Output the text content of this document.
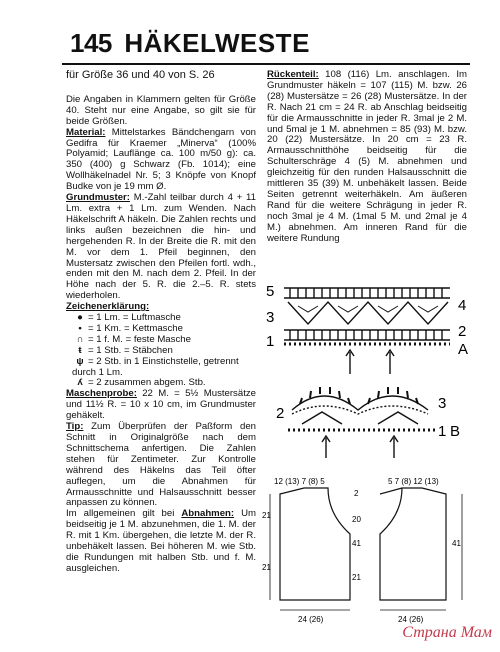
145 HÄKELWESTE
für Größe 36 und 40 von S. 26

Die Angaben in Klammern gelten für Größe 40. Steht nur eine Angabe, so gilt sie für beide Größen.

Material: Mittelstarkes Bändchengarn von Gedifra für Kraemer „Minerva“ (100% Polyamid; Lauflänge ca. 100 m/50 g): ca. 350 (400) g Schwarz (Fb. 1014); eine Wollhäkelnadel Nr. 5; 3 Knöpfe von Knopf Budke von je 19 mm Ø.

Grundmuster: M.-Zahl teilbar durch 4 + 11 Lm. extra + 1 Lm. zum Wenden. Nach Häkelschrift A häkeln. Die Zahlen rechts und links außen bezeichnen die hin- und hergehenden R. In der Breite die R. mit den M. vor dem 1. Pfeil beginnen, den Mustersatz zwischen den Pfeilen fortl. wdh., enden mit den M. nach dem 2. Pfeil. In der Höhe nach der 5. R. die 2.–5. R. stets wiederholen.

Zeichenerklärung:

● = 1 Lm. = Luftmasche

• = 1 Km. = Kettmasche

∩ = 1 f. M. = feste Masche

ŧ = 1 Stb. = Stäbchen

ψ = 2 Stb. in 1 Einstichstelle, getrennt durch 1 Lm.

ʎ = 2 zusammen abgem. Stb.

Maschenprobe: 22 M. = 5½ Mustersätze und 11½ R. = 10 x 10 cm, im Grundmuster gehäkelt.

Tip: Zum Überprüfen der Paßform den Schnitt in Originalgröße nach dem Schnittschema anfertigen. Die Zahlen stehen für Zentimeter. Zur Kontrolle während des Häkelns das Teil öfter auflegen, um die Abnahmen für Armausschnitte und Halsausschnitt besser anpassen zu können.

Im allgemeinen gilt bei Abnahmen: Um beidseitig je 1 M. abzunehmen, die 1. M. der R. mit 1 Km. übergehen, die letzte M. der R. unbehäkelt lassen. Bei höheren M. wie Stb. die Rundungen mit halben Stb. und f. M. ausgleichen.

Rückenteil: 108 (116) Lm. anschlagen. Im Grundmuster häkeln = 107 (115) M. bzw. 26 (28) Mustersätze = 26 (28) Mustersätze. In der R. Nach 21 cm = 24 R. ab Anschlag beidseitig für die Armausschnitte in jeder R. 3mal je 2 M. und 5mal je 1 M. abnehmen = 85 (93) M. bzw. 20 (22) Mustersätze. In 20 cm = 23 R. Armausschnitthöhe beidseitig für die Schulterschräge 4 (5) M. abnehmen und gleichzeitig für den runden Halsausschnitt die mittleren 35 (39) M. unbehäkelt lassen. Beide Seiten getrennt weiterhäkeln. Am äußeren Rand für die weitere Schrägung in jeder R. noch 3mal je 4 M. (1mal 5 M. und 2mal je 4 M.) abnehmen. Am inneren Rand für die weitere Rundung

5
3
1
4
2
A
2
3
1 B
12 (13) 7 (8) 5
2
5 7 (8) 12 (13)
21
21
20
41
21
41
24 (26)	24 (26)
Страна Мам
